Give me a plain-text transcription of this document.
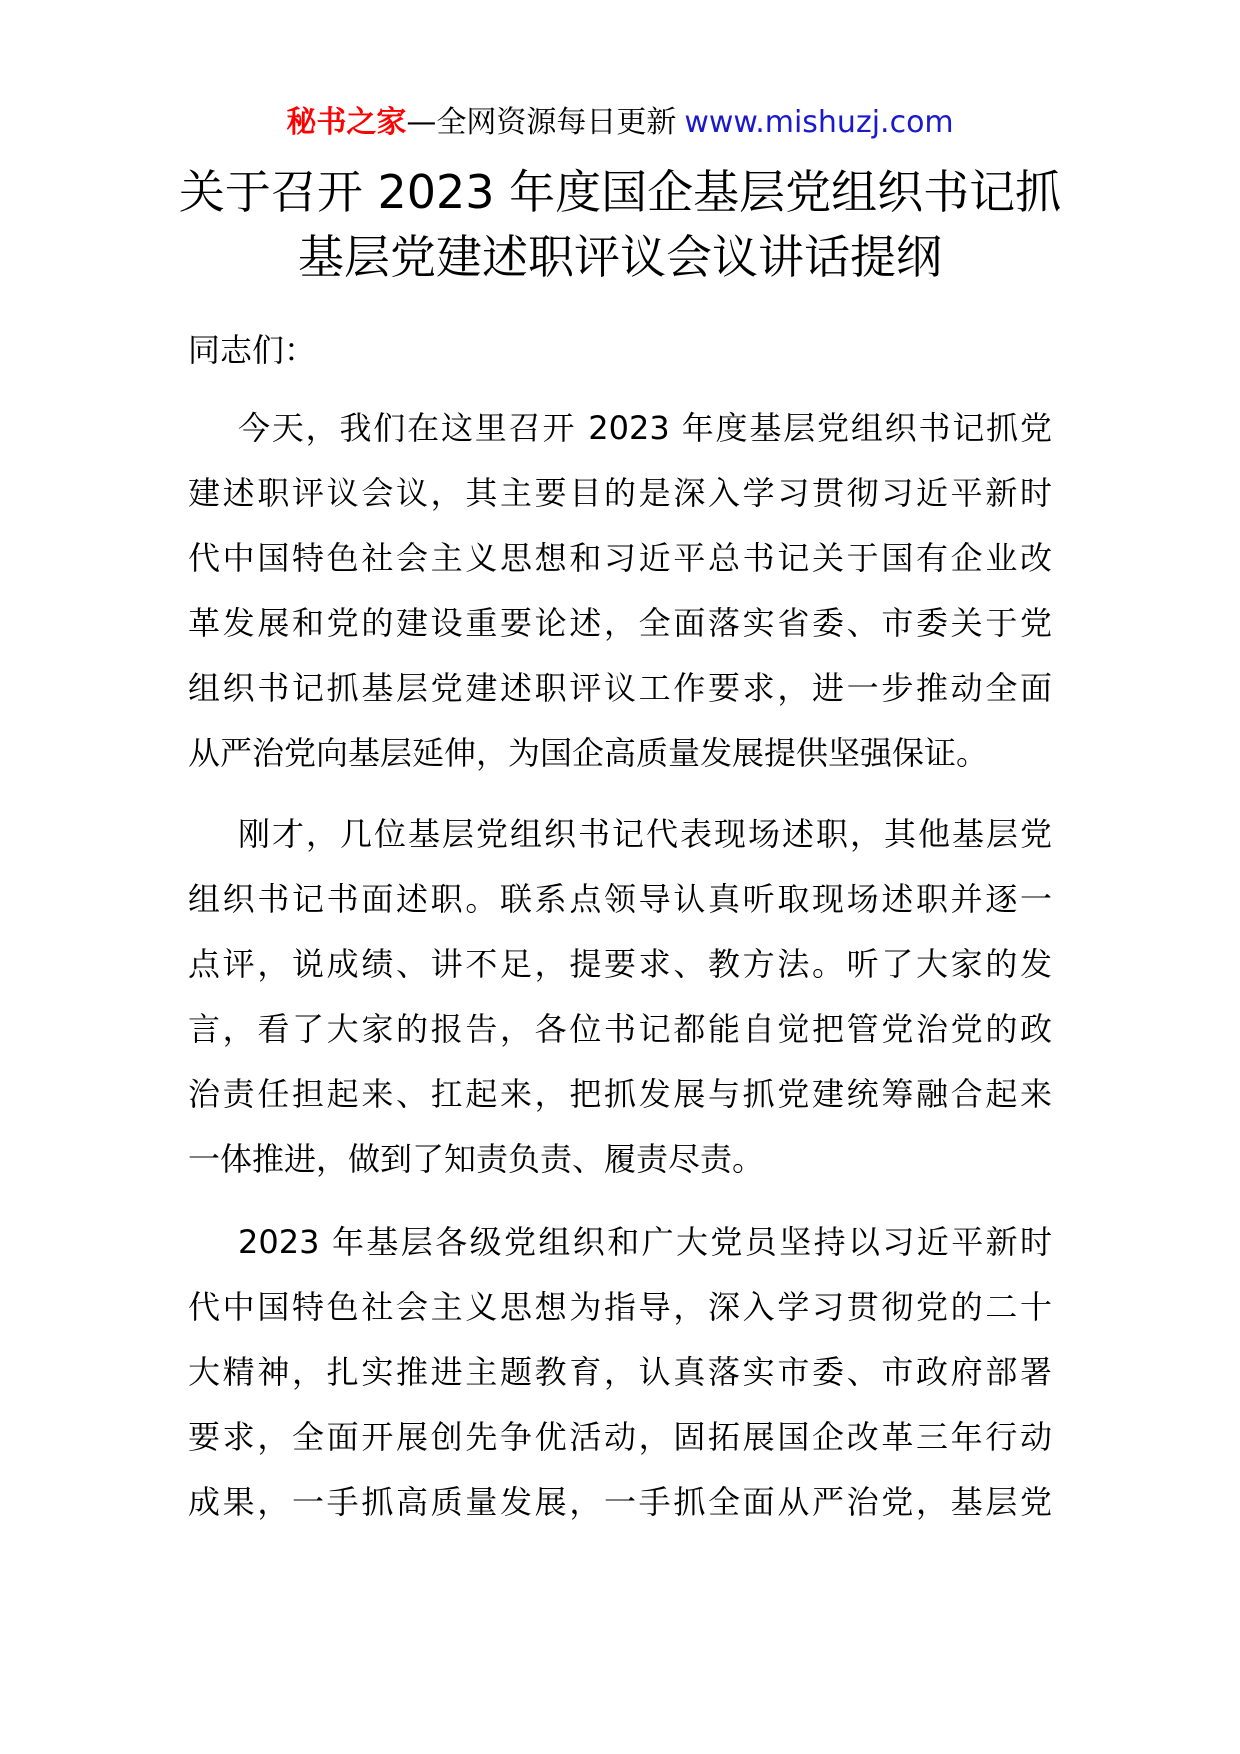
秘书之家—全网资源每日更新 www.mishuzj.com
关于召开 2023 年度国企基层党组织书记抓
基层党建述职评议会议讲话提纲
同志们：
今天，我们在这里召开 2023 年度基层党组织书记抓党
建述职评议会议，其主要目的是深入学习贯彻习近平新时
代中国特色社会主义思想和习近平总书记关于国有企业改
革发展和党的建设重要论述，全面落实省委、市委关于党
组织书记抓基层党建述职评议工作要求，进一步推动全面
从严治党向基层延伸，为国企高质量发展提供坚强保证。
刚才，几位基层党组织书记代表现场述职，其他基层党
组织书记书面述职。联系点领导认真听取现场述职并逐一
点评，说成绩、讲不足，提要求、教方法。听了大家的发
言，看了大家的报告，各位书记都能自觉把管党治党的政
治责任担起来、扛起来，把抓发展与抓党建统筹融合起来
一体推进，做到了知责负责、履责尽责。
2023 年基层各级党组织和广大党员坚持以习近平新时
代中国特色社会主义思想为指导，深入学习贯彻党的二十
大精神，扎实推进主题教育，认真落实市委、市政府部署
要求，全面开展创先争优活动，固拓展国企改革三年行动
成果，一手抓高质量发展，一手抓全面从严治党，基层党
